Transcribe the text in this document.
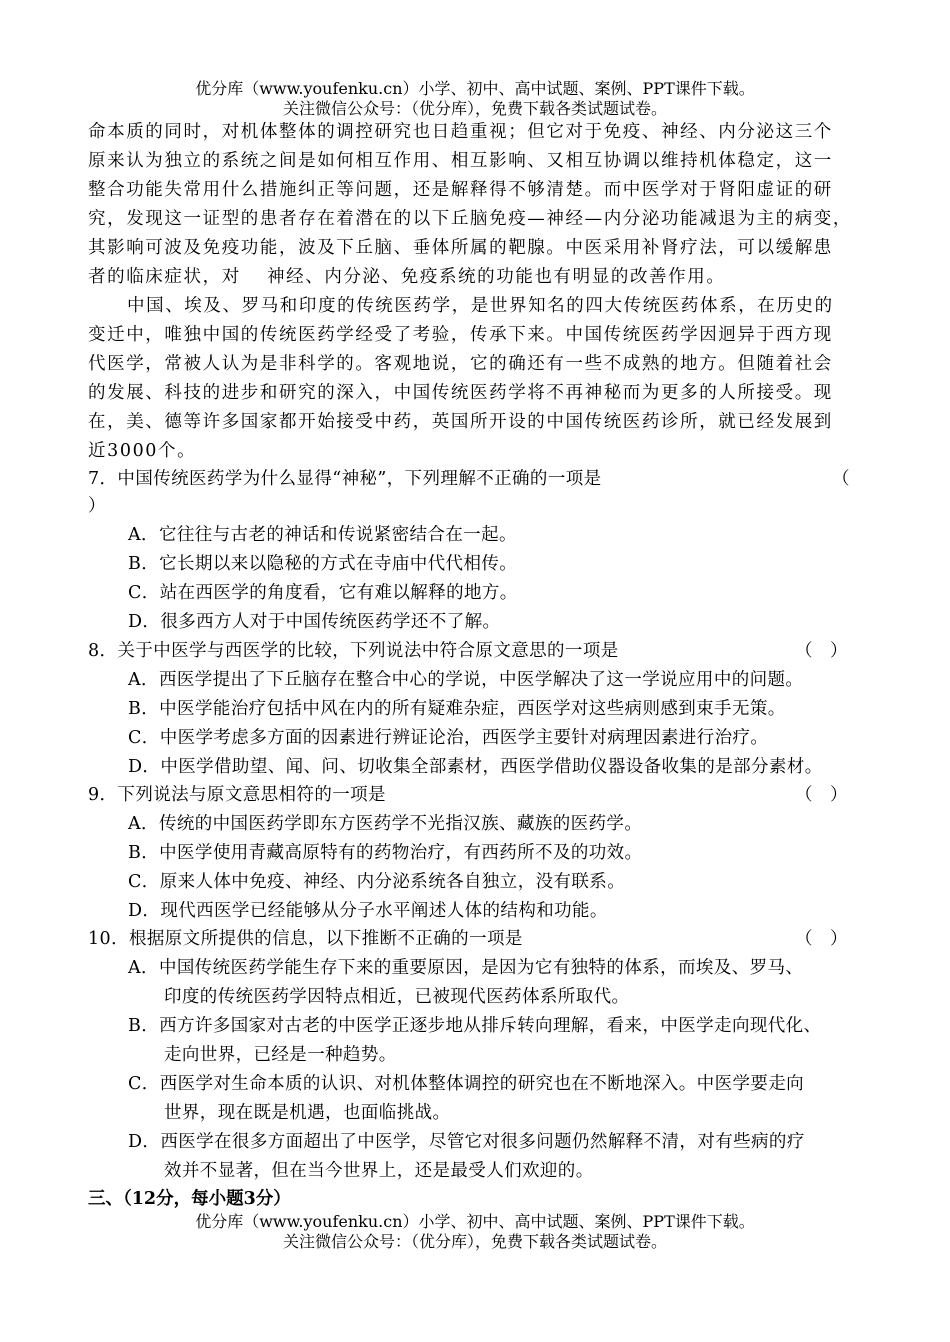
优分库（www.youfenku.cn）小学、初中、高中试题、案例、PPT课件下载。
关注微信公众号：（优分库），免费下载各类试题试卷。
命本质的同时，对机体整体的调控研究也日趋重视；但它对于免疫、神经、内分泌这三个
原来认为独立的系统之间是如何相互作用、相互影响、又相互协调以维持机体稳定，这一
整合功能失常用什么措施纠正等问题，还是解释得不够清楚。而中医学对于肾阳虚证的研
究，发现这一证型的患者存在着潜在的以下丘脑免疫—神经—内分泌功能减退为主的病变，
其影响可波及免疫功能，波及下丘脑、垂体所属的靶腺。中医采用补肾疗法，可以缓解患
者的临床症状，对　 神经、内分泌、免疫系统的功能也有明显的改善作用。
中国、埃及、罗马和印度的传统医药学，是世界知名的四大传统医药体系，在历史的
变迁中，唯独中国的传统医药学经受了考验，传承下来。中国传统医药学因迥异于西方现
代医学，常被人认为是非科学的。客观地说，它的确还有一些不成熟的地方。但随着社会
的发展、科技的进步和研究的深入，中国传统医药学将不再神秘而为更多的人所接受。现
在，美、德等许多国家都开始接受中药，英国所开设的中国传统医药诊所，就已经发展到
近3000个。
7．中国传统医药学为什么显得“神秘”，下列理解不正确的一项是	（
）
A．它往往与古老的神话和传说紧密结合在一起。
B．它长期以来以隐秘的方式在寺庙中代代相传。
C．站在西医学的角度看，它有难以解释的地方。
D．很多西方人对于中国传统医药学还不了解。
8．关于中医学与西医学的比较，下列说法中符合原文意思的一项是	（　）
A．西医学提出了下丘脑存在整合中心的学说，中医学解决了这一学说应用中的问题。
B．中医学能治疗包括中风在内的所有疑难杂症，西医学对这些病则感到束手无策。
C．中医学考虑多方面的因素进行辨证论治，西医学主要针对病理因素进行治疗。
D．中医学借助望、闻、问、切收集全部素材，西医学借助仪器设备收集的是部分素材。
9．下列说法与原文意思相符的一项是	（　）
A．传统的中国医药学即东方医药学不光指汉族、藏族的医药学。
B．中医学使用青藏高原特有的药物治疗，有西药所不及的功效。
C．原来人体中免疫、神经、内分泌系统各自独立，没有联系。
D．现代西医学已经能够从分子水平阐述人体的结构和功能。
10．根据原文所提供的信息，以下推断不正确的一项是	（　）
A．中国传统医药学能生存下来的重要原因，是因为它有独特的体系，而埃及、罗马、
印度的传统医药学因特点相近，已被现代医药体系所取代。
B．西方许多国家对古老的中医学正逐步地从排斥转向理解，看来，中医学走向现代化、
走向世界，已经是一种趋势。
C．西医学对生命本质的认识、对机体整体调控的研究也在不断地深入。中医学要走向
世界，现在既是机遇，也面临挑战。
D．西医学在很多方面超出了中医学，尽管它对很多问题仍然解释不清，对有些病的疗
效并不显著，但在当今世界上，还是最受人们欢迎的。
三、（12分，每小题3分）
优分库（www.youfenku.cn）小学、初中、高中试题、案例、PPT课件下载。
关注微信公众号：（优分库），免费下载各类试题试卷。
